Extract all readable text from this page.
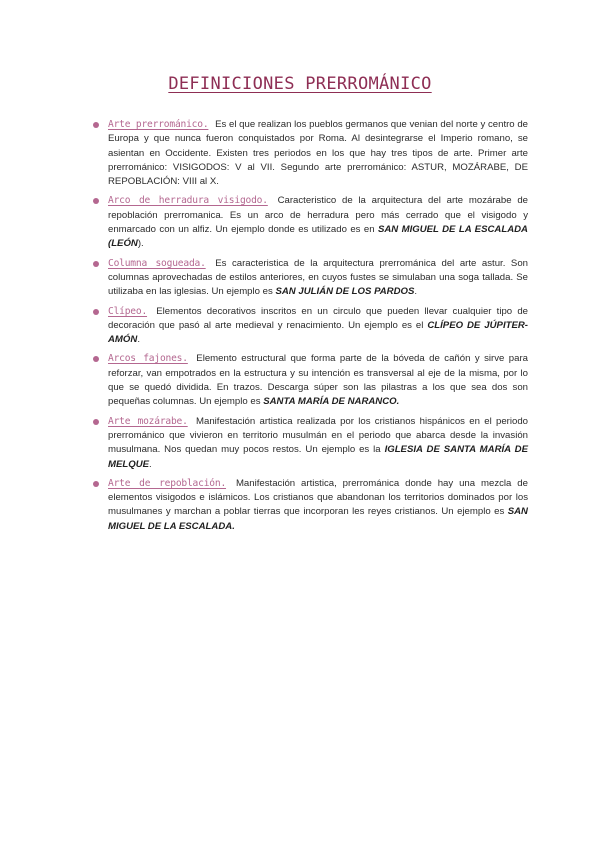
DEFINICIONES PRERROMÁNICO
Arte prerrománico. Es el que realizan los pueblos germanos que venian del norte y centro de Europa y que nunca fueron conquistados por Roma. Al desintegrarse el Imperio romano, se asientan en Occidente. Existen tres periodos en los que hay tres tipos de arte. Primer arte prerrománico: VISIGODOS: V al VII. Segundo arte prerrománico: ASTUR, MOZÁRABE, DE REPOBLACIÓN: VIII al X.
Arco de herradura visigodo. Caracteristico de la arquitectura del arte mozárabe de repoblación prerromanica. Es un arco de herradura pero más cerrado que el visigodo y enmarcado con un alfiz. Un ejemplo donde es utilizado es en SAN MIGUEL DE LA ESCALADA (LEÓN).
Columna sogueada. Es caracteristica de la arquitectura prerrománica del arte astur. Son columnas aprovechadas de estilos anteriores, en cuyos fustes se simulaban una soga tallada. Se utilizaba en las iglesias. Un ejemplo es SAN JULIÁN DE LOS PARDOS.
Clípeo. Elementos decorativos inscritos en un circulo que pueden llevar cualquier tipo de decoración que pasó al arte medieval y renacimiento. Un ejemplo es el CLÍPEO DE JÚPITER-AMÓN.
Arcos fajones. Elemento estructural que forma parte de la bóveda de cañón y sirve para reforzar, van empotrados en la estructura y su intención es transversal al eje de la misma, por lo que se quedó dividida. En trazos. Descarga súper son las pilastras a los que sea dos son pequeñas columnas. Un ejemplo es SANTA MARÍA DE NARANCO.
Arte mozárabe. Manifestación artistica realizada por los cristianos hispánicos en el periodo prerrománico que vivieron en territorio musulmán en el periodo que abarca desde la invasión musulmana. Nos quedan muy pocos restos. Un ejemplo es la IGLESIA DE SANTA MARÍA DE MELQUE.
Arte de repoblación. Manifestación artistica, prerrománica donde hay una mezcla de elementos visigodos e islámicos. Los cristianos que abandonan los territorios dominados por los musulmanes y marchan a poblar tierras que incorporan les reyes cristianos. Un ejemplo es SAN MIGUEL DE LA ESCALADA.
